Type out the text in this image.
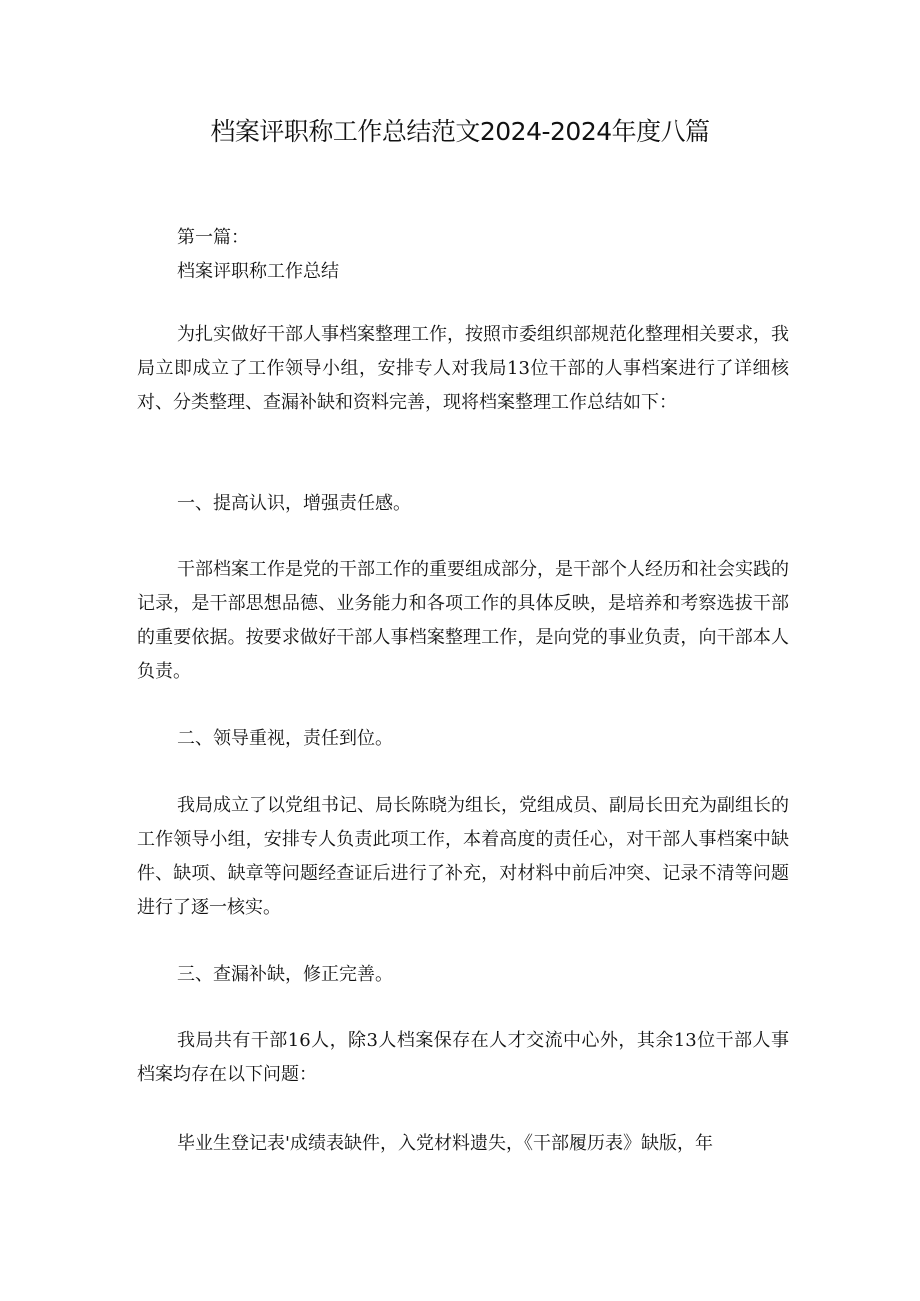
档案评职称工作总结范文2024-2024年度八篇

第一篇：

档案评职称工作总结

为扎实做好干部人事档案整理工作，按照市委组织部规范化整理相关要求，我局立即成立了工作领导小组，安排专人对我局13位干部的人事档案进行了详细核对、分类整理、查漏补缺和资料完善，现将档案整理工作总结如下：

一、提高认识，增强责任感。

干部档案工作是党的干部工作的重要组成部分，是干部个人经历和社会实践的记录，是干部思想品德、业务能力和各项工作的具体反映，是培养和考察选拔干部的重要依据。按要求做好干部人事档案整理工作，是向党的事业负责，向干部本人负责。

二、领导重视，责任到位。

我局成立了以党组书记、局长陈晓为组长，党组成员、副局长田充为副组长的工作领导小组，安排专人负责此项工作，本着高度的责任心，对干部人事档案中缺件、缺项、缺章等问题经查证后进行了补充，对材料中前后冲突、记录不清等问题进行了逐一核实。

三、查漏补缺，修正完善。

我局共有干部16人，除3人档案保存在人才交流中心外，其余13位干部人事档案均存在以下问题：

毕业生登记表'成绩表缺件，入党材料遗失，《干部履历表》缺版，年
